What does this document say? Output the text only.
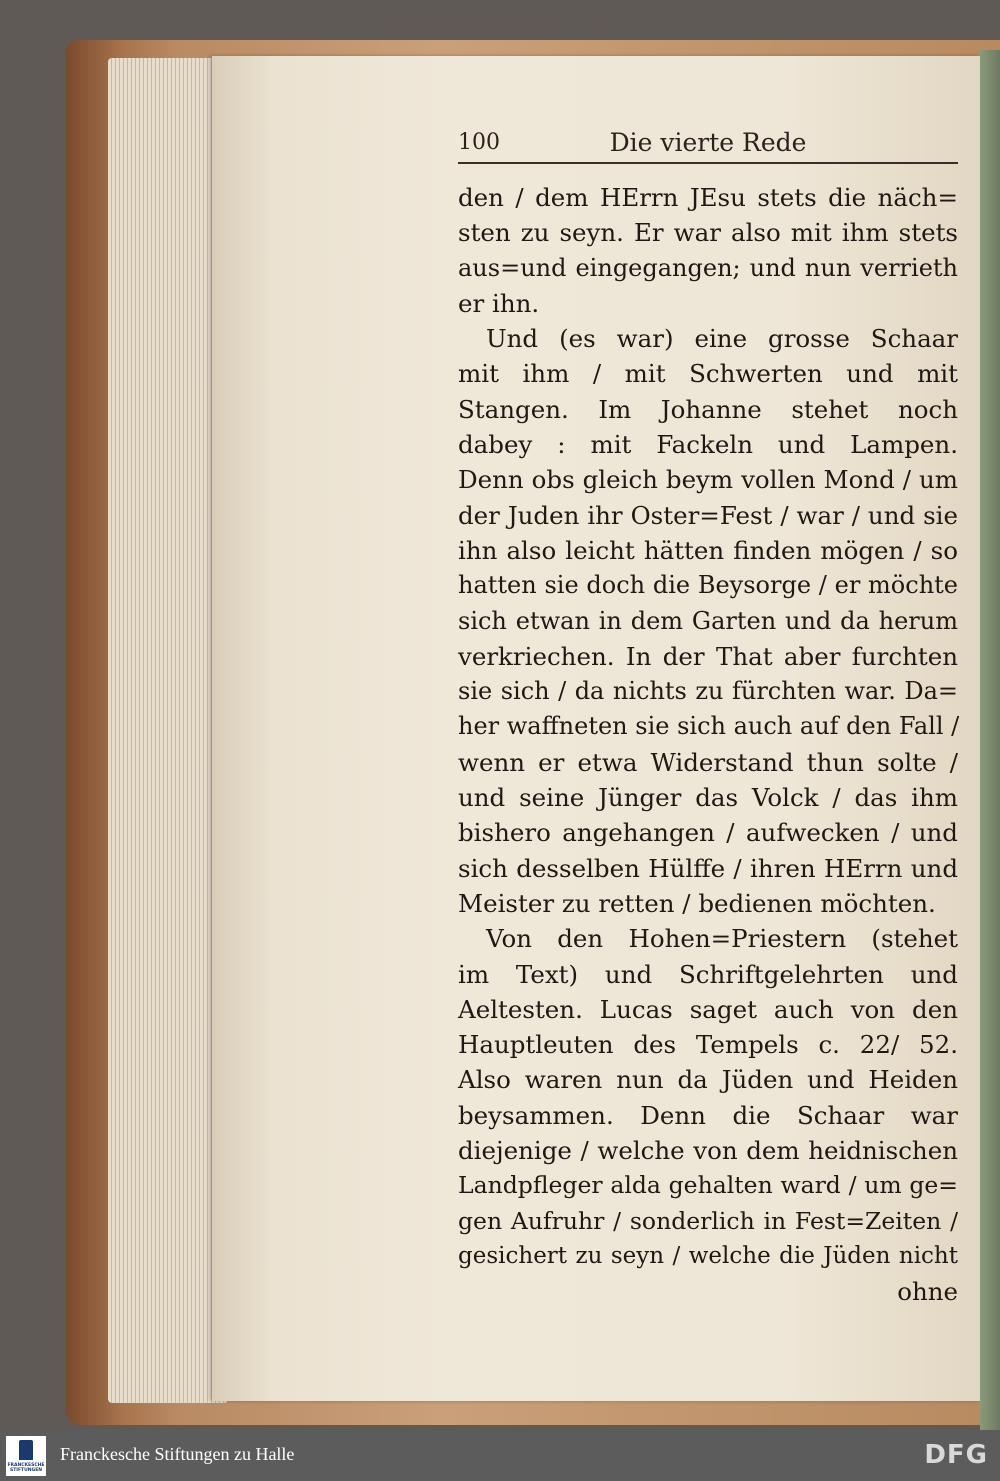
100	Die vierte Rede
den / dem HErrn JEsu stets die näch=
sten zu seyn. Er war also mit ihm stets
aus=und eingegangen; und nun verrieth
er ihn.
Und (es war) eine grosse Schaar
mit ihm / mit Schwerten und mit
Stangen. Im Johanne stehet noch
dabey : mit Fackeln und Lampen.
Denn obs gleich beym vollen Mond / um
der Juden ihr Oster=Fest / war / und sie
ihn also leicht hätten finden mögen / so
hatten sie doch die Beysorge / er möchte
sich etwan in dem Garten und da herum
verkriechen. In der That aber furchten
sie sich / da nichts zu fürchten war. Da=
her waffneten sie sich auch auf den Fall /
wenn er etwa Widerstand thun solte /
und seine Jünger das Volck / das ihm
bishero angehangen / aufwecken / und
sich desselben Hülffe / ihren HErrn und
Meister zu retten / bedienen möchten.
Von den Hohen=Priestern (stehet
im Text) und Schriftgelehrten und
Aeltesten. Lucas saget auch von den
Hauptleuten des Tempels c. 22/ 52.
Also waren nun da Jüden und Heiden
beysammen. Denn die Schaar war
diejenige / welche von dem heidnischen
Landpfleger alda gehalten ward / um ge=
gen Aufruhr / sonderlich in Fest=Zeiten /
gesichert zu seyn / welche die Jüden nicht
ohne
FRANCKESCHE STIFTUNGEN
Franckesche Stiftungen zu Halle	DFG
